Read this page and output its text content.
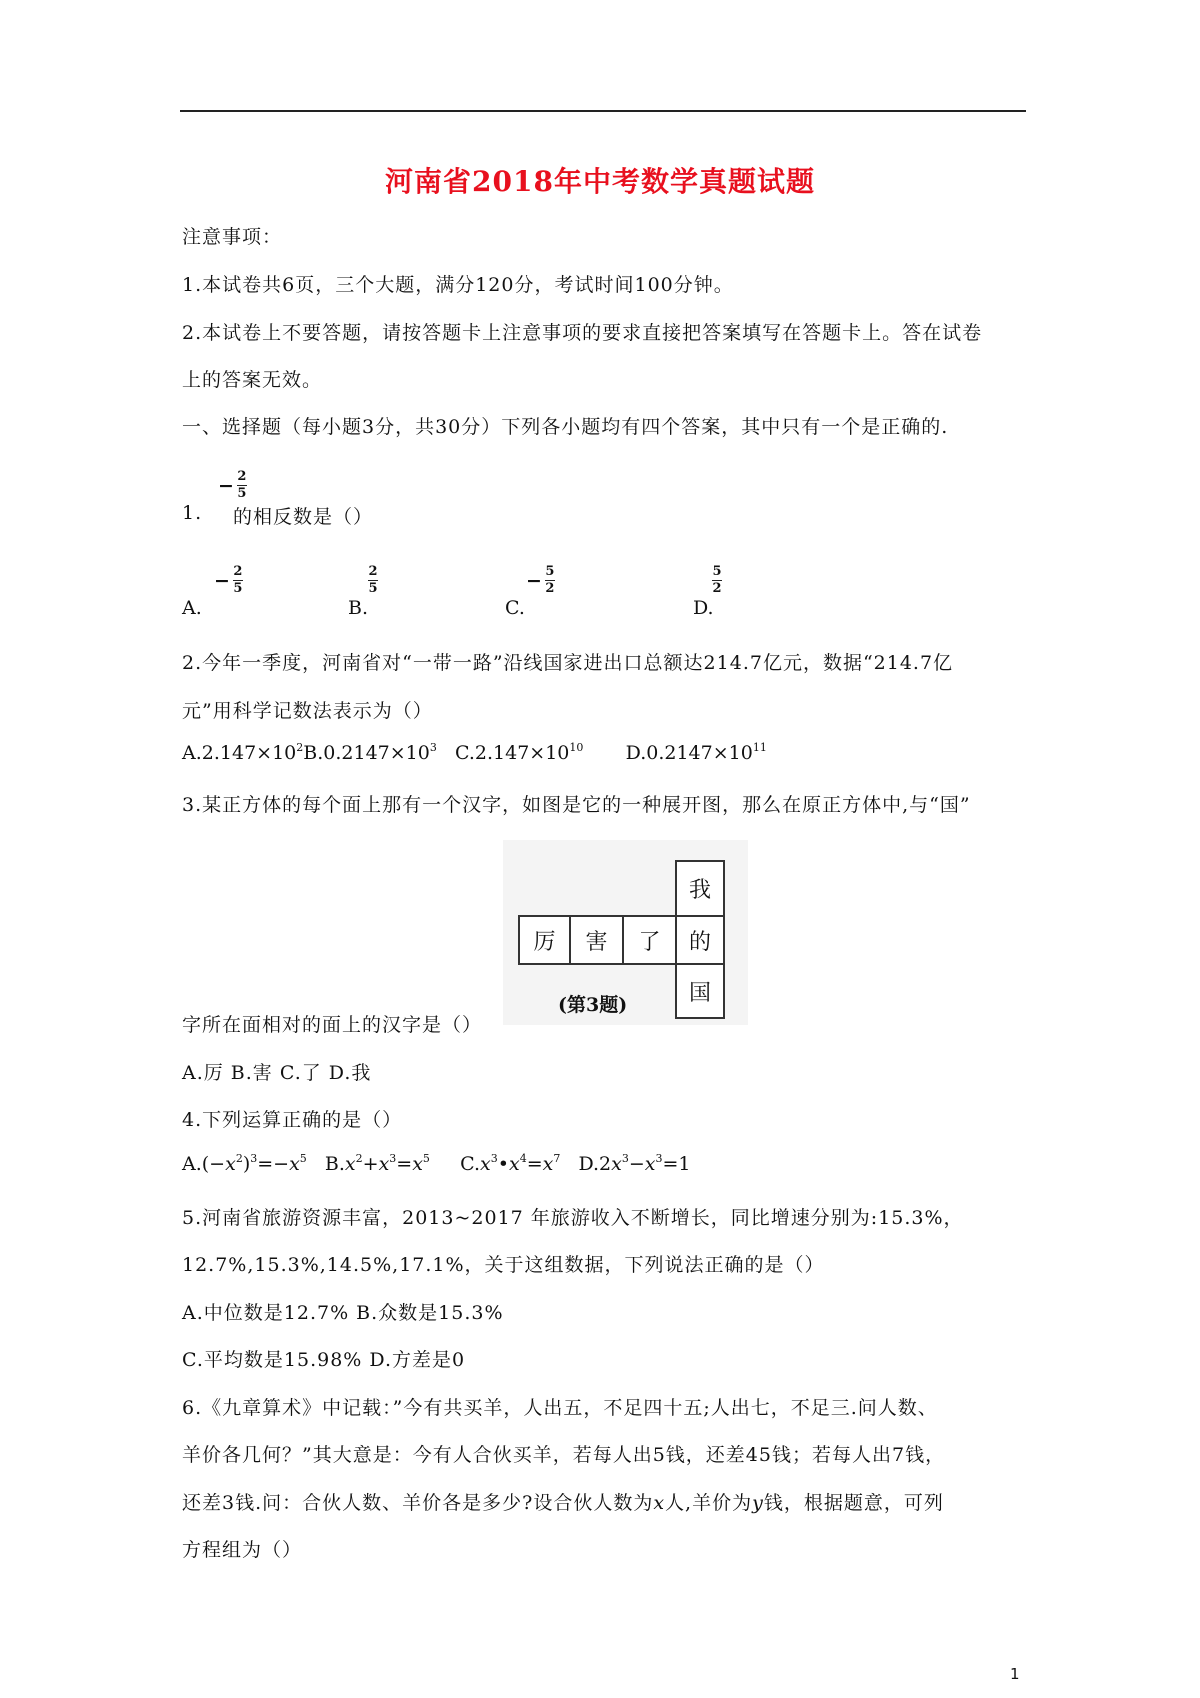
河南省2018年中考数学真题试题
注意事项：
1.本试卷共6页，三个大题，满分120分，考试时间100分钟。
2.本试卷上不要答题，请按答题卡上注意事项的要求直接把答案填写在答题卡上。答在试卷
上的答案无效。
一、选择题（每小题3分，共30分）下列各小题均有四个答案，其中只有一个是正确的.
1.
− $\frac{2}{5}$
的相反数是（）
A.
− $\frac{2}{5}$
B.
$\frac{2}{5}$
C.
− $\frac{5}{2}$
D.
$\frac{5}{2}$
2.今年一季度，河南省对“一带一路”沿线国家进出口总额达214.7亿元，数据“214.7亿
元”用科学记数法表示为（）
$A.2.147\times 10^2B.0.2147\times 10^3$ $C.2.147\times 10^{10}$ $D.0.2147\times 10^{11}$
3.某正方体的每个面上那有一个汉字，如图是它的一种展开图，那么在原正方体中,与“国”
厉	害	了
我
的
国
(第3题)
字所在面相对的面上的汉字是（）
A.厉 B.害 C.了 D.我
4.下列运算正确的是（）
$A.(-x^2)^3=-x^5$   $B.x^2+x^3=x^5$     $C.x^3•x^4=x^7$   $D.2x^3-x^3=1$
5.河南省旅游资源丰富，2013~2017 年旅游收入不断增长，同比增速分别为:15.3%，
12.7%,15.3%,14.5%,17.1%，关于这组数据，下列说法正确的是（）
A.中位数是12.7% B.众数是15.3%
C.平均数是15.98% D.方差是0
6.《九章算术》中记载：”今有共买羊，人出五，不足四十五;人出七，不足三.问人数、
羊价各几何？”其大意是：今有人合伙买羊，若每人出5钱，还差45钱；若每人出7钱，
还差3钱.问：合伙人数、羊价各是多少?设合伙人数为x人,羊价为y钱，根据题意，可列
方程组为（）
1
